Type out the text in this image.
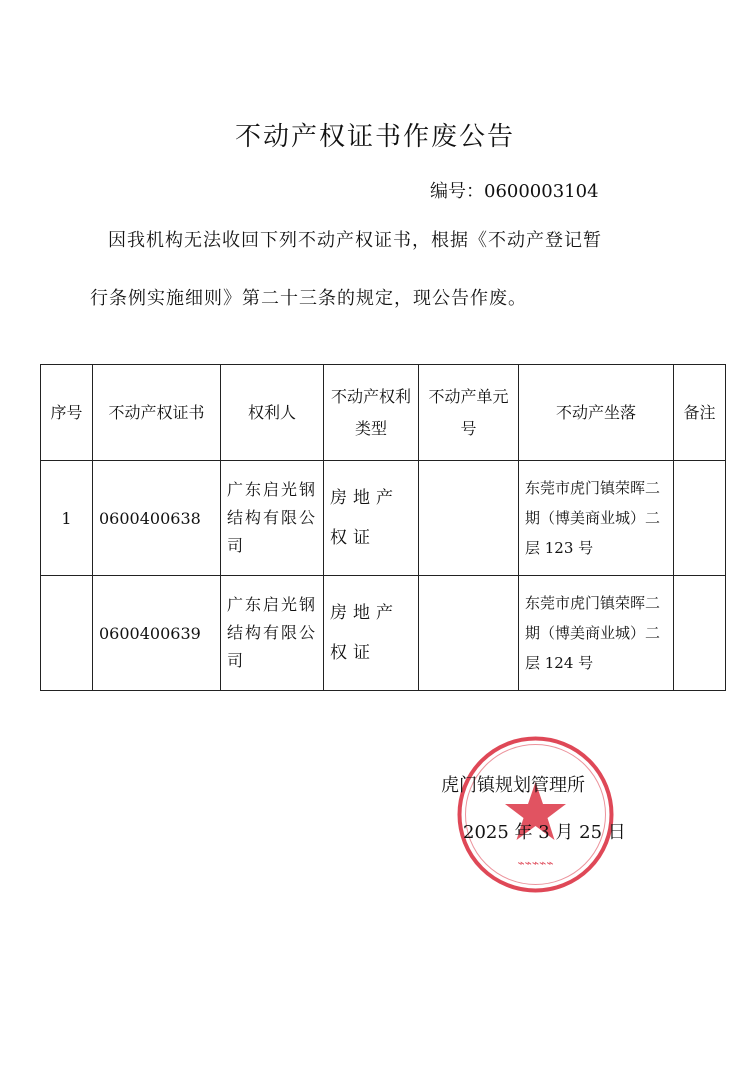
不动产权证书作废公告
编号：0600003104
因我机构无法收回下列不动产权证书，根据《不动产登记暂
行条例实施细则》第二十三条的规定，现公告作废。
序号	不动产权证书	权利人	不动产权利类型	不动产单元号	不动产坐落	备注
1	0600400638	广东启光钢结构有限公司	房地产权证		东莞市虎门镇荣晖二期（博美商业城）二层 123 号	
	0600400639	广东启光钢结构有限公司	房地产权证		东莞市虎门镇荣晖二期（博美商业城）二层 124 号	
⌁⌁⌁⌁⌁
虎门镇规划管理所
2025 年 3 月 25 日
